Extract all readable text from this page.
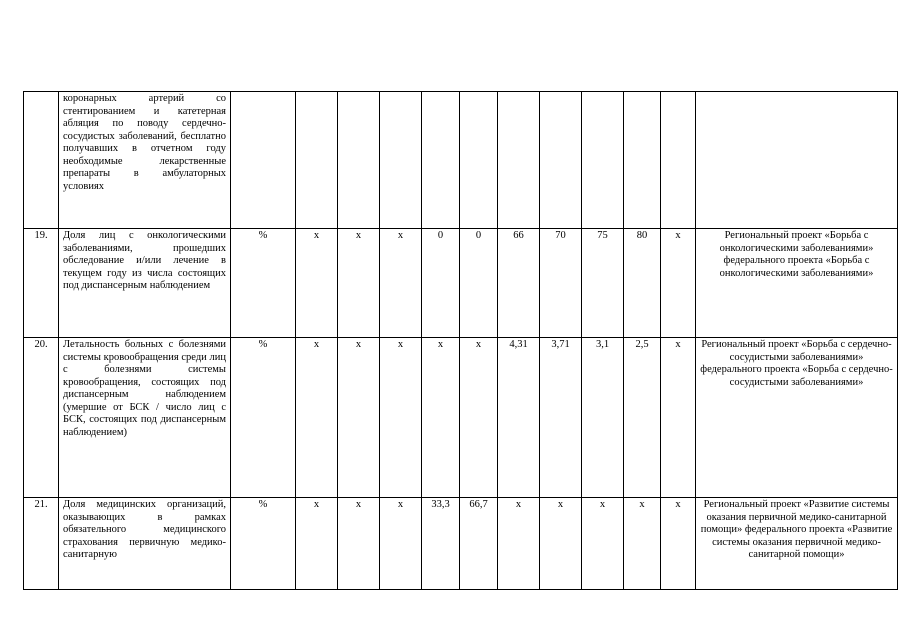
	коронарных артерий со стентированием и катетерная абляция по поводу сердечно-сосудистых заболеваний, бесплатно получавших в отчетном году необходимые лекарственные препараты в амбулаторных условиях												
19.	Доля лиц с онкологическими заболеваниями, прошедших обследование и/или лечение в текущем году из числа состоящих под диспансерным наблюдением	%	х	х	х	0	0	66	70	75	80	х	Региональный проект «Борьба с онкологическими заболеваниями» федерального проекта «Борьба с онкологическими заболеваниями»
20.	Летальность больных с болезнями системы кровообращения среди лиц с болезнями системы кровообращения, состоящих под диспансерным наблюдением (умершие от БСК / число лиц с БСК, состоящих под диспансерным наблюдением)	%	х	х	х	х	х	4,31	3,71	3,1	2,5	х	Региональный проект «Борьба с сердечно-сосудистыми заболеваниями» федерального проекта «Борьба с сердечно-сосудистыми заболеваниями»
21.	Доля медицинских организаций, оказывающих в рамках обязательного медицинского страхования первичную медико-санитарную	%	х	х	х	33,3	66,7	х	х	х	х	х	Региональный проект «Развитие системы оказания первичной медико-санитарной помощи» федерального проекта «Развитие системы оказания первичной медико-санитарной помощи»
